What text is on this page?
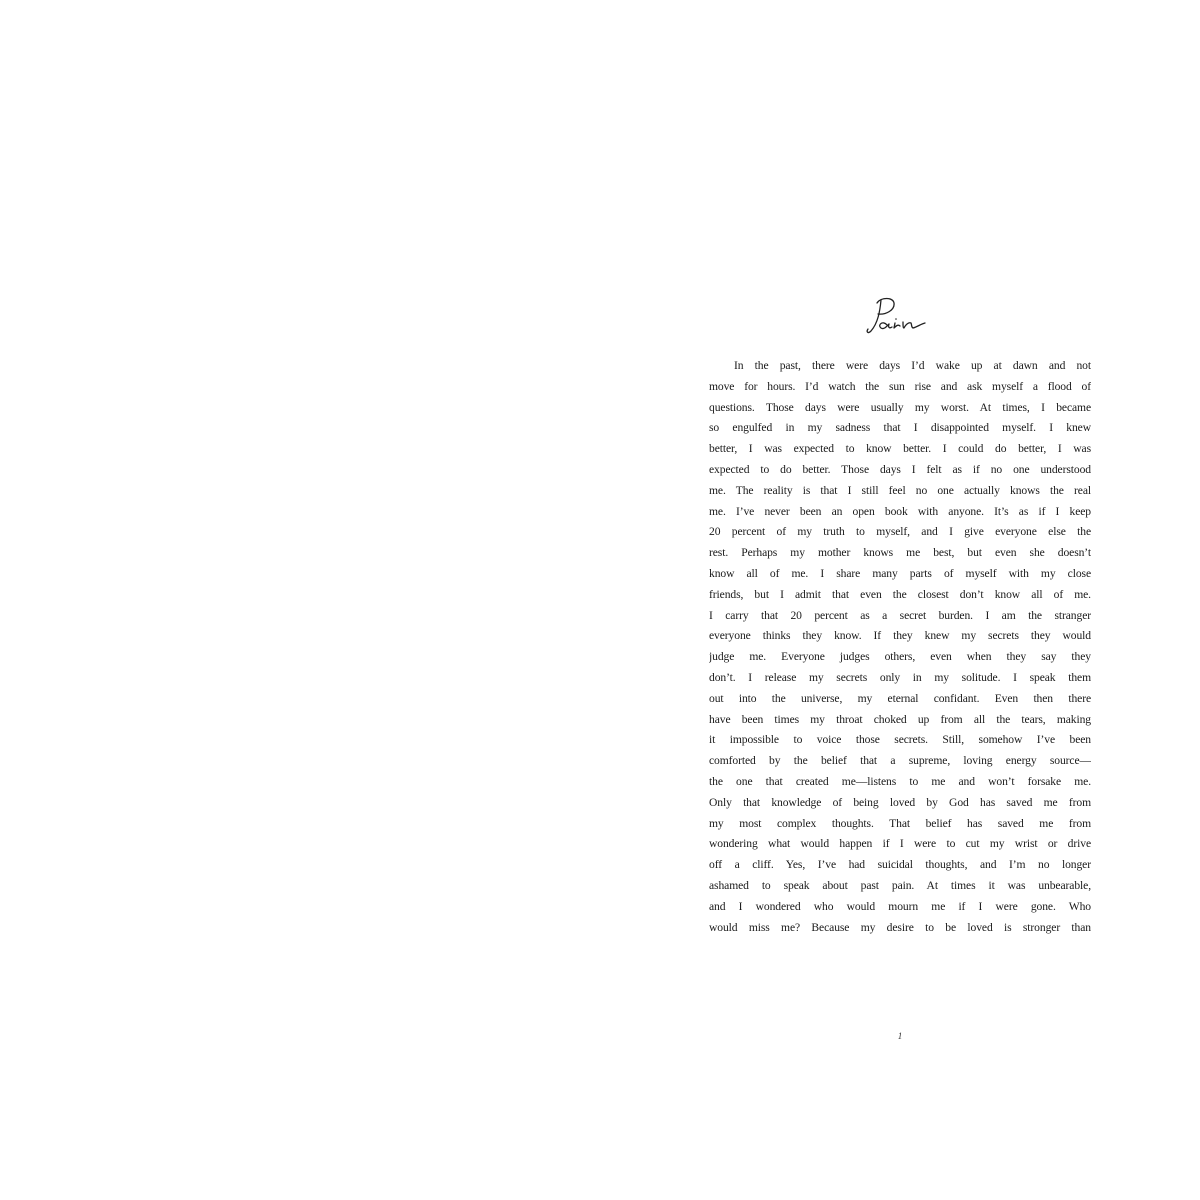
In the past, there were days I’d wake up at dawn and not
move for hours. I’d watch the sun rise and ask myself a flood of
questions. Those days were usually my worst. At times, I became
so engulfed in my sadness that I disappointed myself. I knew
better, I was expected to know better. I could do better, I was
expected to do better. Those days I felt as if no one understood
me. The reality is that I still feel no one actually knows the real
me. I’ve never been an open book with anyone. It’s as if I keep
20 percent of my truth to myself, and I give everyone else the
rest. Perhaps my mother knows me best, but even she doesn’t
know all of me. I share many parts of myself with my close
friends, but I admit that even the closest don’t know all of me.
I carry that 20 percent as a secret burden. I am the stranger
everyone thinks they know. If they knew my secrets they would
judge me. Everyone judges others, even when they say they
don’t. I release my secrets only in my solitude. I speak them
out into the universe, my eternal confidant. Even then there
have been times my throat choked up from all the tears, making
it impossible to voice those secrets. Still, somehow I’ve been
comforted by the belief that a supreme, loving energy source—
the one that created me—listens to me and won’t forsake me.
Only that knowledge of being loved by God has saved me from
my most complex thoughts. That belief has saved me from
wondering what would happen if I were to cut my wrist or drive
off a cliff. Yes, I’ve had suicidal thoughts, and I’m no longer
ashamed to speak about past pain. At times it was unbearable,
and I wondered who would mourn me if I were gone. Who
would miss me? Because my desire to be loved is stronger than
1
